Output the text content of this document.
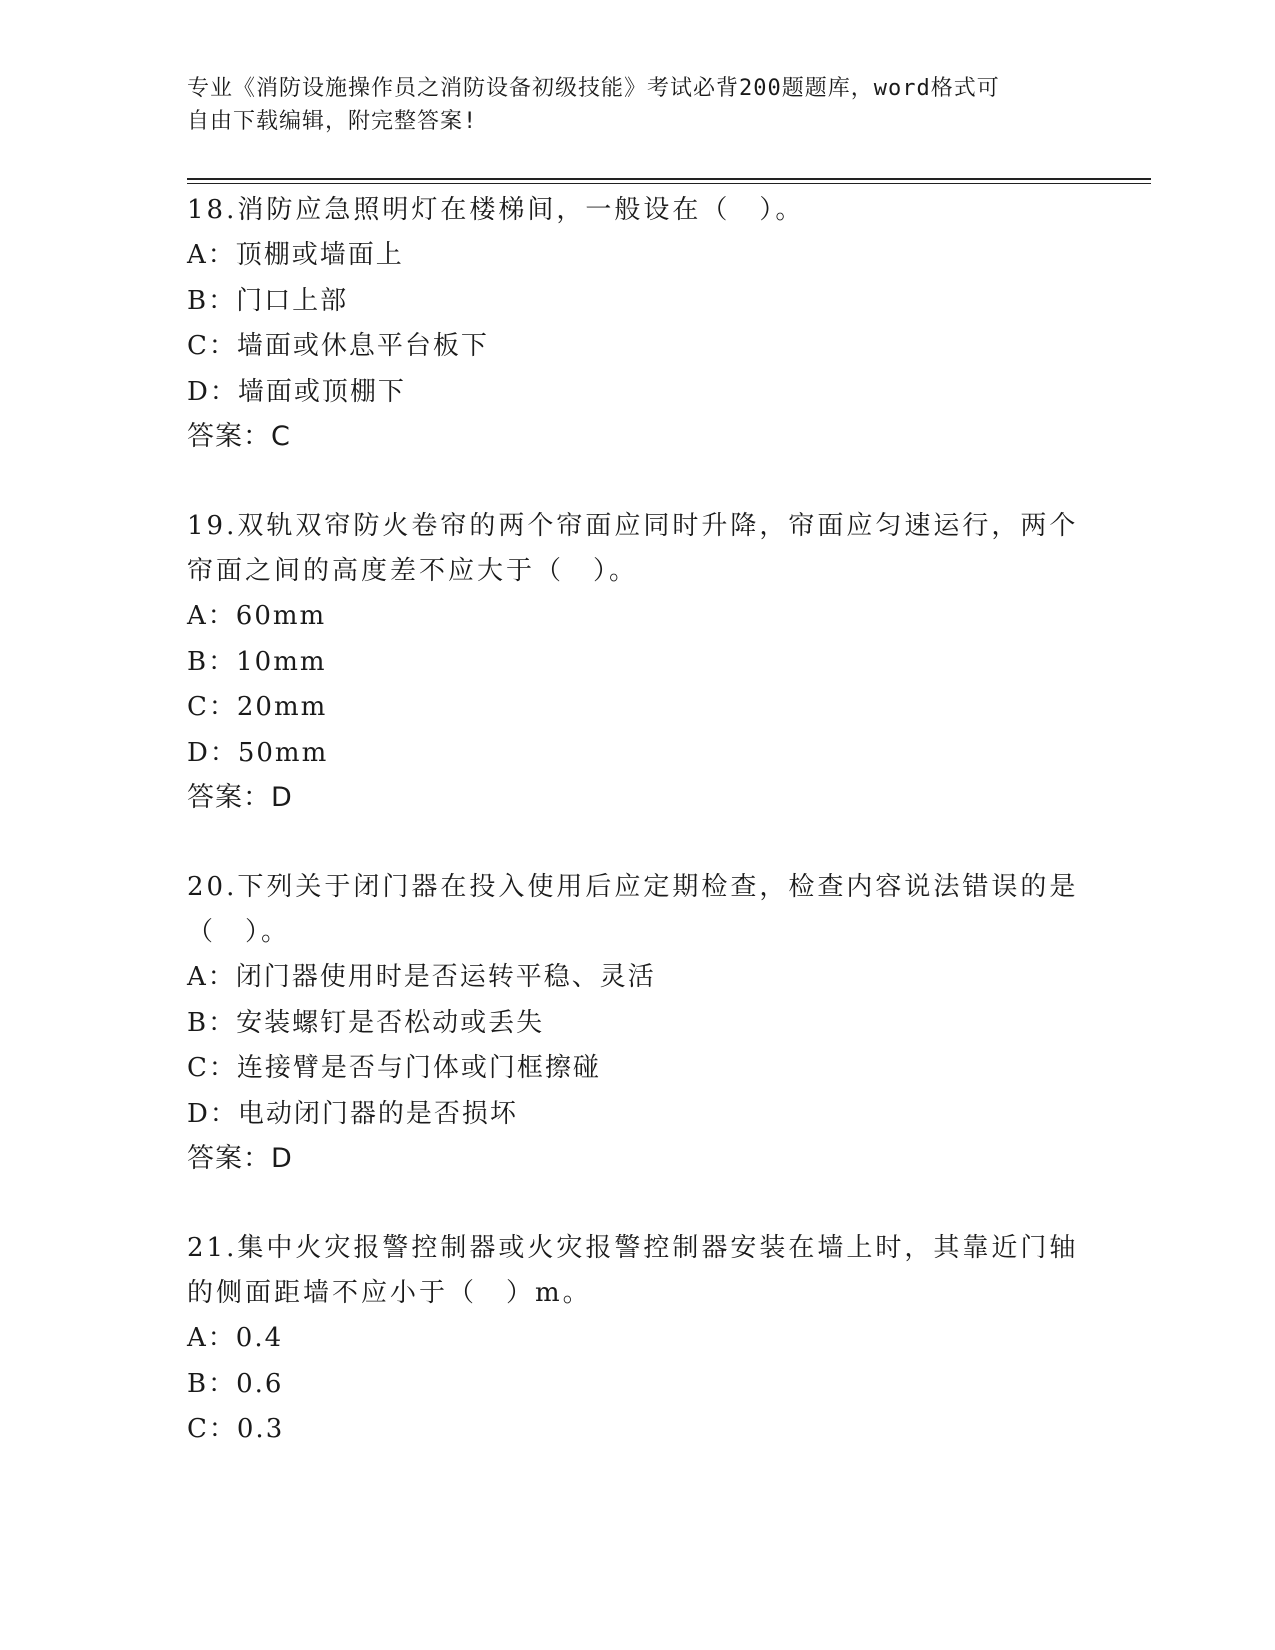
专业《消防设施操作员之消防设备初级技能》考试必背200题题库，word格式可
自由下载编辑，附完整答案!

18.消防应急照明灯在楼梯间，一般设在（　）。

A：顶棚或墙面上

B：门口上部

C：墙面或休息平台板下

D：墙面或顶棚下

答案：C

19.双轨双帘防火卷帘的两个帘面应同时升降，帘面应匀速运行，两个

帘面之间的高度差不应大于（　）。

A：60mm

B：10mm

C：20mm

D：50mm

答案：D

20.下列关于闭门器在投入使用后应定期检查，检查内容说法错误的是

（　）。

A：闭门器使用时是否运转平稳、灵活

B：安装螺钉是否松动或丢失

C：连接臂是否与门体或门框擦碰

D：电动闭门器的是否损坏

答案：D

21.集中火灾报警控制器或火灾报警控制器安装在墙上时，其靠近门轴

的侧面距墙不应小于（　）m。

A：0.4

B：0.6

C：0.3
